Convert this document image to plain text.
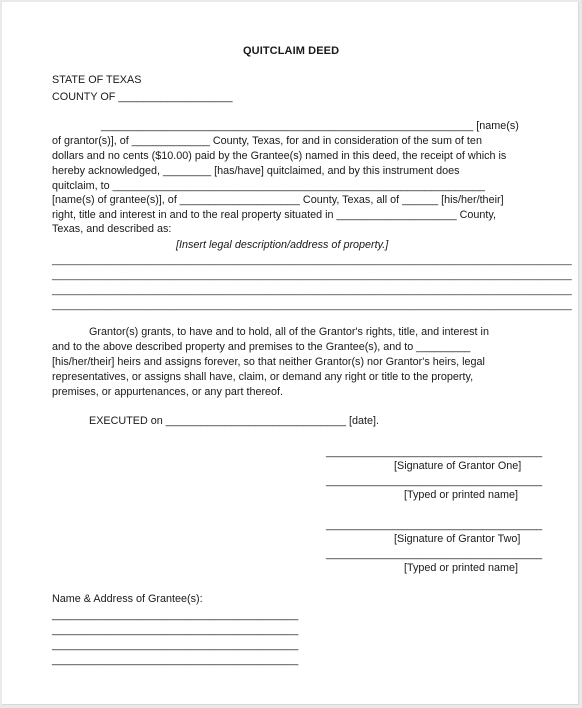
QUITCLAIM DEED
STATE OF TEXAS
COUNTY OF ___________________
______________________________________________________________ [name(s)
of grantor(s)], of _____________ County, Texas, for and in consideration of the sum of ten
dollars and no cents ($10.00) paid by the Grantee(s) named in this deed, the receipt of which is
hereby acknowledged, ________ [has/have] quitclaimed, and by this instrument does
quitclaim, to ______________________________________________________________
[name(s) of grantee(s)], of ____________________ County, Texas, all of ______ [his/her/their]
right, title and interest in and to the real property situated in ____________________ County,
Texas, and described as:
[Insert legal description/address of property.]
_________________________________________________________________________________________
_________________________________________________________________________________________
_________________________________________________________________________________________
_________________________________________________________________________________________
Grantor(s) grants, to have and to hold, all of the Grantor's rights, title, and interest in
and to the above described property and premises to the Grantee(s), and to _________
[his/her/their] heirs and assigns forever, so that neither Grantor(s) nor Grantor's heirs, legal
representatives, or assigns shall have, claim, or demand any right or title to the property,
premises, or appurtenances, or any part thereof.
EXECUTED on ______________________________ [date].
____________________________________
[Signature of Grantor One]
____________________________________
[Typed or printed name]
____________________________________
[Signature of Grantor Two]
____________________________________
[Typed or printed name]
Name & Address of Grantee(s):
_________________________________________
_________________________________________
_________________________________________
_________________________________________
